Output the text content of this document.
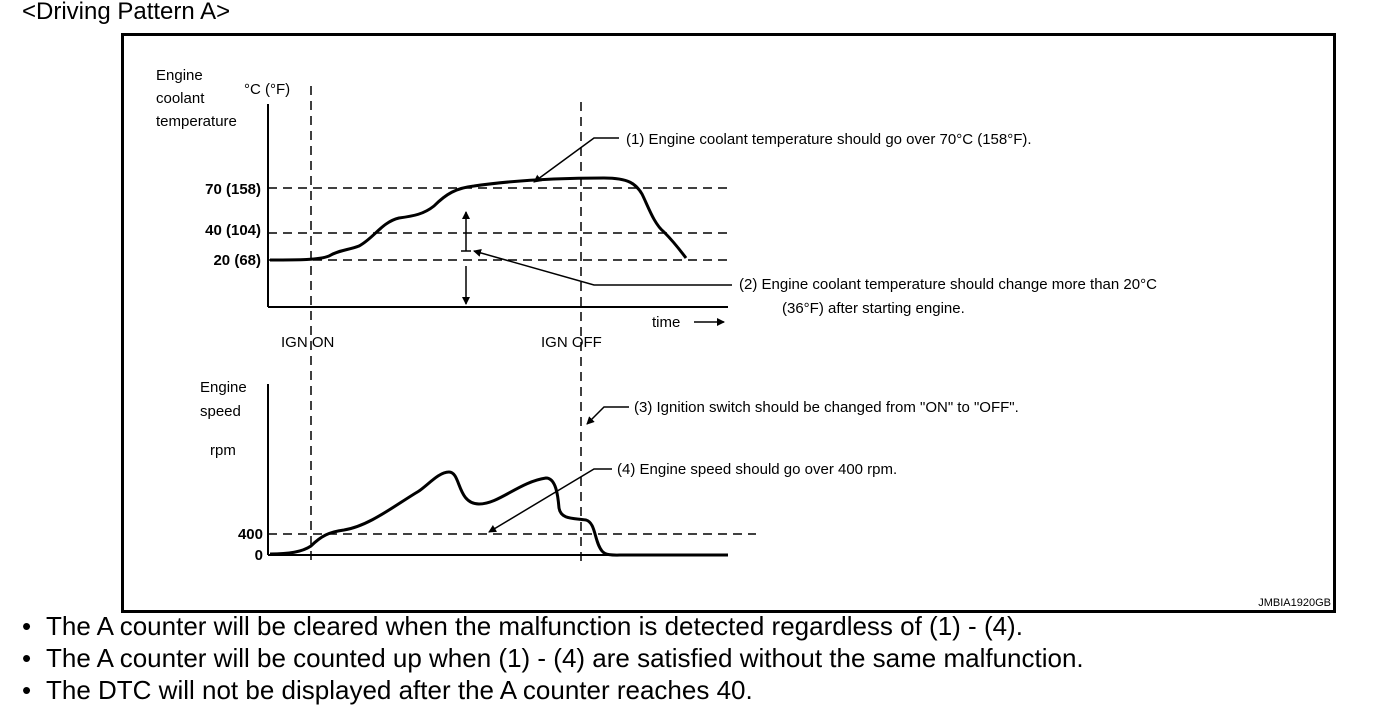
<Driving Pattern A>
Engine
coolant
temperature
°C (°F)
70 (158)
40 (104)
20 (68)
time
IGN ON	IGN OFF
(1) Engine coolant temperature should go over 70°C (158°F).
(2) Engine coolant temperature should change more than 20°C
(36°F) after starting engine.
Engine
speed
rpm
400
0
(3) Ignition switch should be changed from "ON" to "OFF".
(4) Engine speed should go over 400 rpm.
JMBIA1920GB
• The A counter will be cleared when the malfunction is detected regardless of (1) - (4).
• The A counter will be counted up when (1) - (4) are satisfied without the same malfunction.
• The DTC will not be displayed after the A counter reaches 40.
